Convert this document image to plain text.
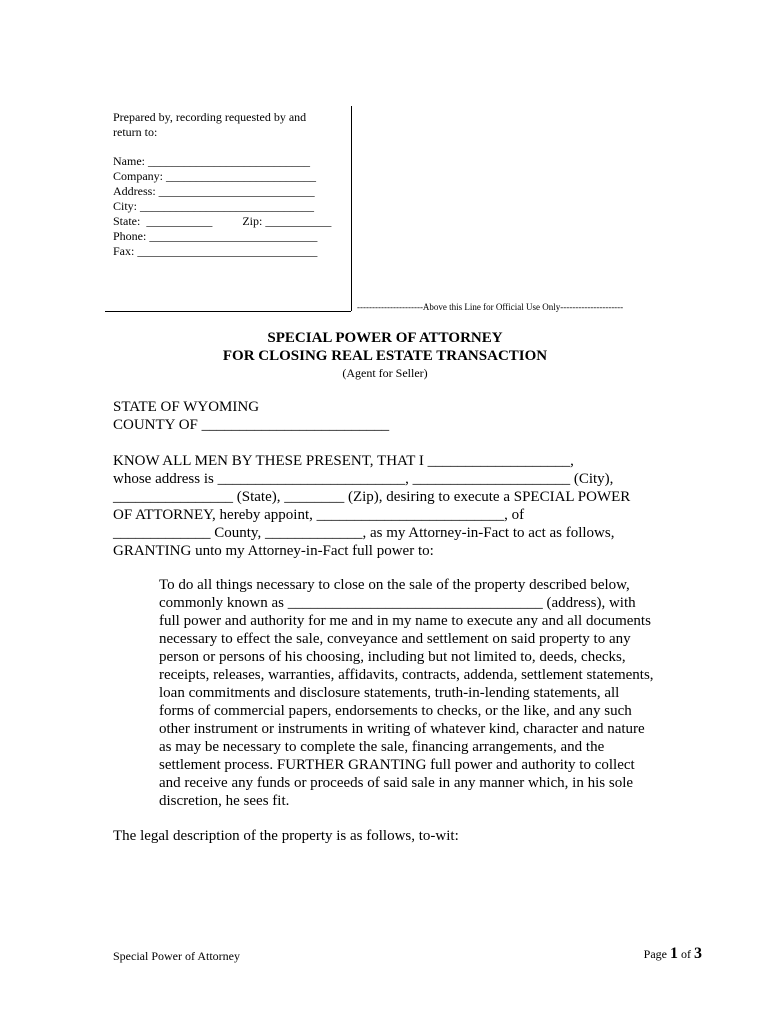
Prepared by, recording requested by and
return to:
Name: ___________________________
Company: _________________________
Address: __________________________
City: _____________________________
State:  ___________          Zip: ___________
Phone: ____________________________
Fax: ______________________________
----------------------Above this Line for Official Use Only---------------------
SPECIAL POWER OF ATTORNEY
FOR CLOSING REAL ESTATE TRANSACTION
(Agent for Seller)
STATE OF WYOMING
COUNTY OF _________________________
KNOW ALL MEN BY THESE PRESENT, THAT I ___________________,
whose address is _________________________, _____________________ (City),
________________ (State), ________ (Zip), desiring to execute a SPECIAL POWER
OF ATTORNEY, hereby appoint, _________________________, of
_____________ County, _____________, as my Attorney-in-Fact to act as follows,
GRANTING unto my Attorney-in-Fact full power to:
To do all things necessary to close on the sale of the property described below,
commonly known as __________________________________ (address), with
full power and authority for me and in my name to execute any and all documents
necessary to effect the sale, conveyance and settlement on said property to any
person or persons of his choosing, including but not limited to, deeds, checks,
receipts, releases, warranties, affidavits, contracts, addenda, settlement statements,
loan commitments and disclosure statements, truth-in-lending statements, all
forms of commercial papers, endorsements to checks, or the like, and any such
other instrument or instruments in writing of whatever kind, character and nature
as may be necessary to complete the sale, financing arrangements, and the
settlement process. FURTHER GRANTING full power and authority to collect
and receive any funds or proceeds of said sale in any manner which, in his sole
discretion, he sees fit.
The legal description of the property is as follows, to-wit:
Special Power of Attorney	Page 1 of 3
